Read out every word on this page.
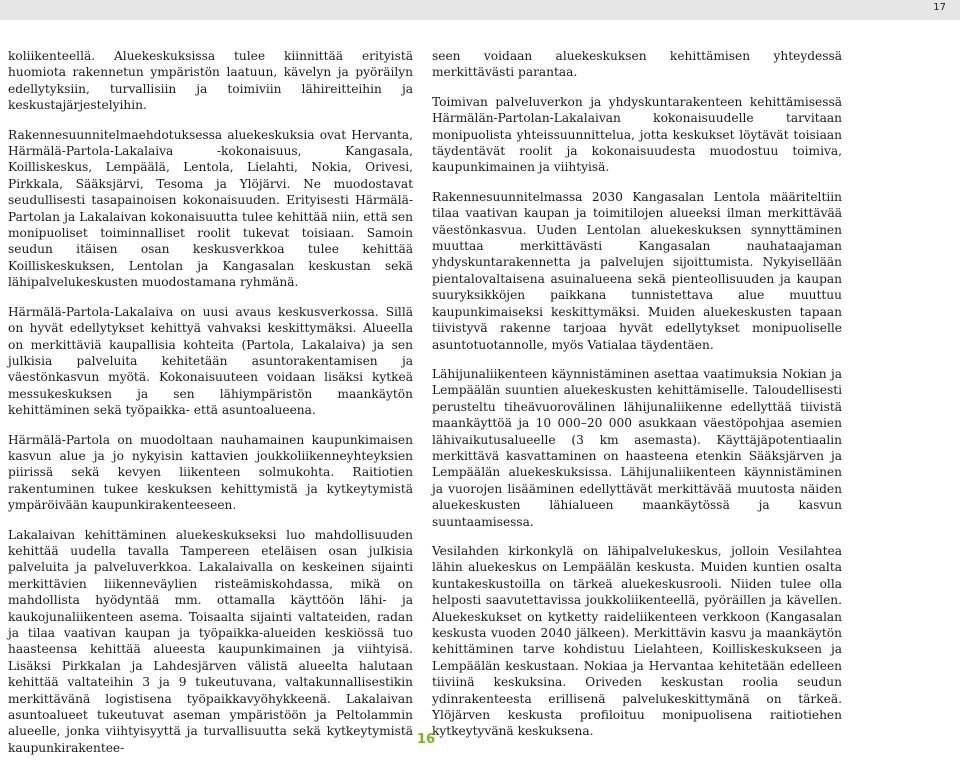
17

koliikenteellä. Aluekeskuksissa tulee kiinnittää erityistä huomiota rakennetun ympäristön laatuun, kävelyn ja pyöräilyn edellytyksiin, turvallisiin ja toimiviin lähireitteihin ja keskustajärjestelyihin.

Rakennesuunnitelmaehdotuksessa aluekeskuksia ovat Hervanta, Härmälä-Partola-Lakalaiva -kokonaisuus, Kangasala, Koilliskeskus, Lempäälä, Lentola, Lielahti, Nokia, Orivesi, Pirkkala, Sääksjärvi, Tesoma ja Ylöjärvi. Ne muodostavat seudullisesti tasapainoisen kokonaisuuden. Erityisesti Härmälä-Partolan ja Lakalaivan kokonaisuutta tulee kehittää niin, että sen monipuoliset toiminnalliset roolit tukevat toisiaan. Samoin seudun itäisen osan keskusverkkoa tulee kehittää Koilliskeskuksen, Lentolan ja Kangasalan keskustan sekä lähipalvelukeskusten muodostamana ryhmänä.

Härmälä-Partola-Lakalaiva on uusi avaus keskusverkossa. Sillä on hyvät edellytykset kehittyä vahvaksi keskittymäksi. Alueella on merkittäviä kaupallisia kohteita (Partola, Lakalaiva) ja sen julkisia palveluita kehitetään asuntorakentamisen ja väestönkasvun myötä. Kokonaisuuteen voidaan lisäksi kytkeä messukeskuksen ja sen lähiympäristön maankäytön kehittäminen sekä työpaikka- että asuntoalueena.

Härmälä-Partola on muodoltaan nauhamainen kaupunkimaisen kasvun alue ja jo nykyisin kattavien joukkoliikenneyhteyksien piirissä sekä kevyen liikenteen solmukohta. Raitiotien rakentuminen tukee keskuksen kehittymistä ja kytkeytymistä ympäröivään kaupunkirakenteeseen.

Lakalaivan kehittäminen aluekeskukseksi luo mahdollisuuden kehittää uudella tavalla Tampereen eteläisen osan julkisia palveluita ja palveluverkkoa. Lakalaivalla on keskeinen sijainti merkittävien liikenneväylien risteämiskohdassa, mikä on mahdollista hyödyntää mm. ottamalla käyttöön lähi- ja kaukojunaliikenteen asema. Toisaalta sijainti valtateiden, radan ja tilaa vaativan kaupan ja työpaikka-alueiden keskiössä tuo haasteensa kehittää alueesta kaupunkimainen ja viihtyisä. Lisäksi Pirkkalan ja Lahdesjärven välistä alueelta halutaan kehittää valtateihin 3 ja 9 tukeutuvana, valtakunnallisestikin merkittävänä logistisena työpaikkavyöhykkeenä. Lakalaivan asuntoalueet tukeutuvat aseman ympäristöön ja Peltolammin alueelle, jonka viihtyisyyttä ja turvallisuutta sekä kytkeytymistä kaupunkirakentee-

seen voidaan aluekeskuksen kehittämisen yhteydessä merkittävästi parantaa.

Toimivan palveluverkon ja yhdyskuntarakenteen kehittämisessä Härmälän-Partolan-Lakalaivan kokonaisuudelle tarvitaan monipuolista yhteissuunnittelua, jotta keskukset löytävät toisiaan täydentävät roolit ja kokonaisuudesta muodostuu toimiva, kaupunkimainen ja viihtyisä.

Rakennesuunnitelmassa 2030 Kangasalan Lentola määriteltiin tilaa vaativan kaupan ja toimitilojen alueeksi ilman merkittävää väestönkasvua. Uuden Lentolan aluekeskuksen synnyttäminen muuttaa merkittävästi Kangasalan nauhataajaman yhdyskuntarakennetta ja palvelujen sijoittumista. Nykyisellään pientalovaltaisena asuinalueena sekä pienteollisuuden ja kaupan suuryksikköjen paikkana tunnistettava alue muuttuu kaupunkimaiseksi keskittymäksi. Muiden aluekeskusten tapaan tiivistyvä rakenne tarjoaa hyvät edellytykset monipuoliselle asuntotuotannolle, myös Vatialaa täydentäen.

Lähijunaliikenteen käynnistäminen asettaa vaatimuksia Nokian ja Lempäälän suuntien aluekeskusten kehittämiselle. Taloudellisesti perusteltu tiheävuorovälinen lähijunaliikenne edellyttää tiivistä maankäyttöä ja 10 000–20 000 asukkaan väestöpohjaa asemien lähivaikutusalueelle (3 km asemasta). Käyttäjäpotentiaalin merkittävä kasvattaminen on haasteena etenkin Sääksjärven ja Lempäälän aluekeskuksissa. Lähijunaliikenteen käynnistäminen ja vuorojen lisääminen edellyttävät merkittävää muutosta näiden aluekeskusten lähialueen maankäytössä ja kasvun suuntaamisessa.

Vesilahden kirkonkylä on lähipalvelukeskus, jolloin Vesilahtea lähin aluekeskus on Lempäälän keskusta. Muiden kuntien osalta kuntakeskustoilla on tärkeä aluekeskusrooli. Niiden tulee olla helposti saavutettavissa joukkoliikenteellä, pyöräillen ja kävellen. Aluekeskukset on kytketty raideliikenteen verkkoon (Kangasalan keskusta vuoden 2040 jälkeen). Merkittävin kasvu ja maankäytön kehittäminen tarve kohdistuu Lielahteen, Koilliskeskukseen ja Lempäälän keskustaan. Nokiaa ja Hervantaa kehitetään edelleen tiiviinä keskuksina. Orivеden keskustan roolia seudun ydinrakenteesta erillisenä palvelukeskittymänä on tärkeä. Ylöjärven keskusta profiloituu monipuolisena raitiotiehen kytkeytyvänä keskuksena.

16
